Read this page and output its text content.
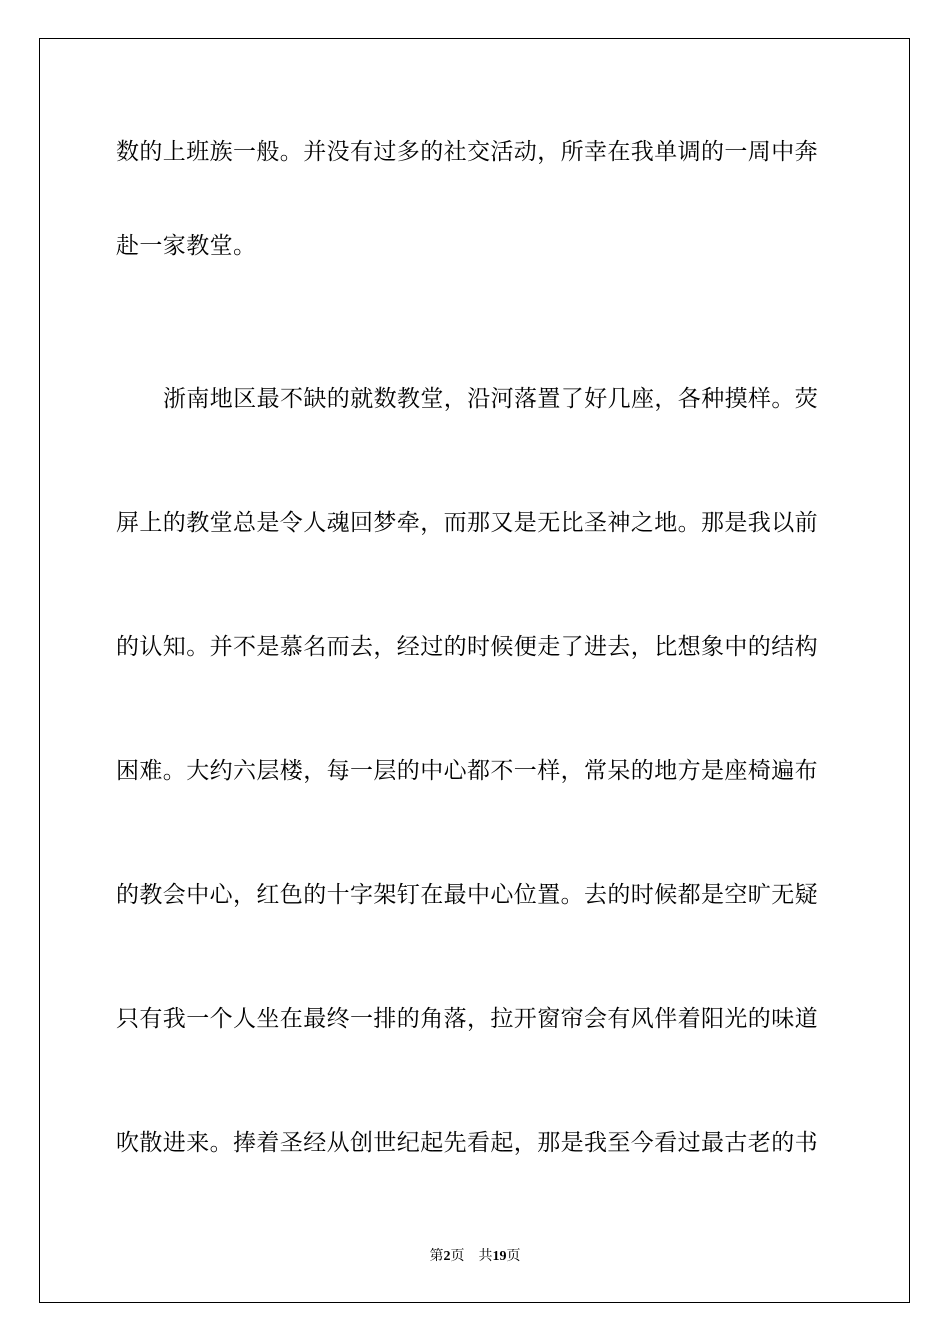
数的上班族一般。并没有过多的社交活动，所幸在我单调的一周中奔
赴一家教堂。
浙南地区最不缺的就数教堂，沿河落置了好几座，各种摸样。荧
屏上的教堂总是令人魂回梦牵，而那又是无比圣神之地。那是我以前
的认知。并不是慕名而去，经过的时候便走了进去，比想象中的结构
困难。大约六层楼，每一层的中心都不一样，常呆的地方是座椅遍布
的教会中心，红色的十字架钉在最中心位置。去的时候都是空旷无疑
只有我一个人坐在最终一排的角落，拉开窗帘会有风伴着阳光的味道
吹散进来。捧着圣经从创世纪起先看起，那是我至今看过最古老的书
第2页 共19页
